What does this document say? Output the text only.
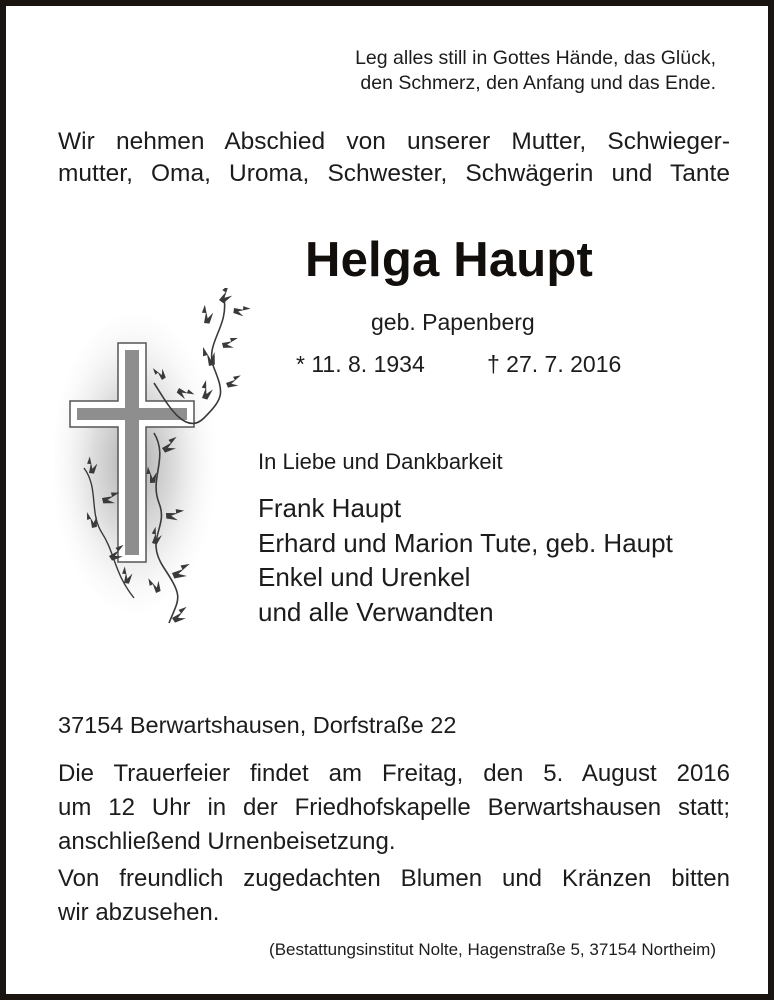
Leg alles still in Gottes Hände, das Glück,
den Schmerz, den Anfang und das Ende.

Wir nehmen Abschied von unserer Mutter, Schwieger-
mutter, Oma, Uroma, Schwester, Schwägerin und Tante

Helga Haupt

geb. Papenberg

* 11. 8. 1934	† 27. 7. 2016

In Liebe und Dankbarkeit

Frank Haupt
Erhard und Marion Tute, geb. Haupt
Enkel und Urenkel
und alle Verwandten

37154 Berwartshausen, Dorfstraße 22

Die Trauerfeier findet am Freitag, den 5. August 2016
um 12 Uhr in der Friedhofskapelle Berwartshausen statt;
anschließend Urnenbeisetzung.

Von freundlich zugedachten Blumen und Kränzen bitten
wir abzusehen.

(Bestattungsinstitut Nolte, Hagenstraße 5, 37154 Northeim)
